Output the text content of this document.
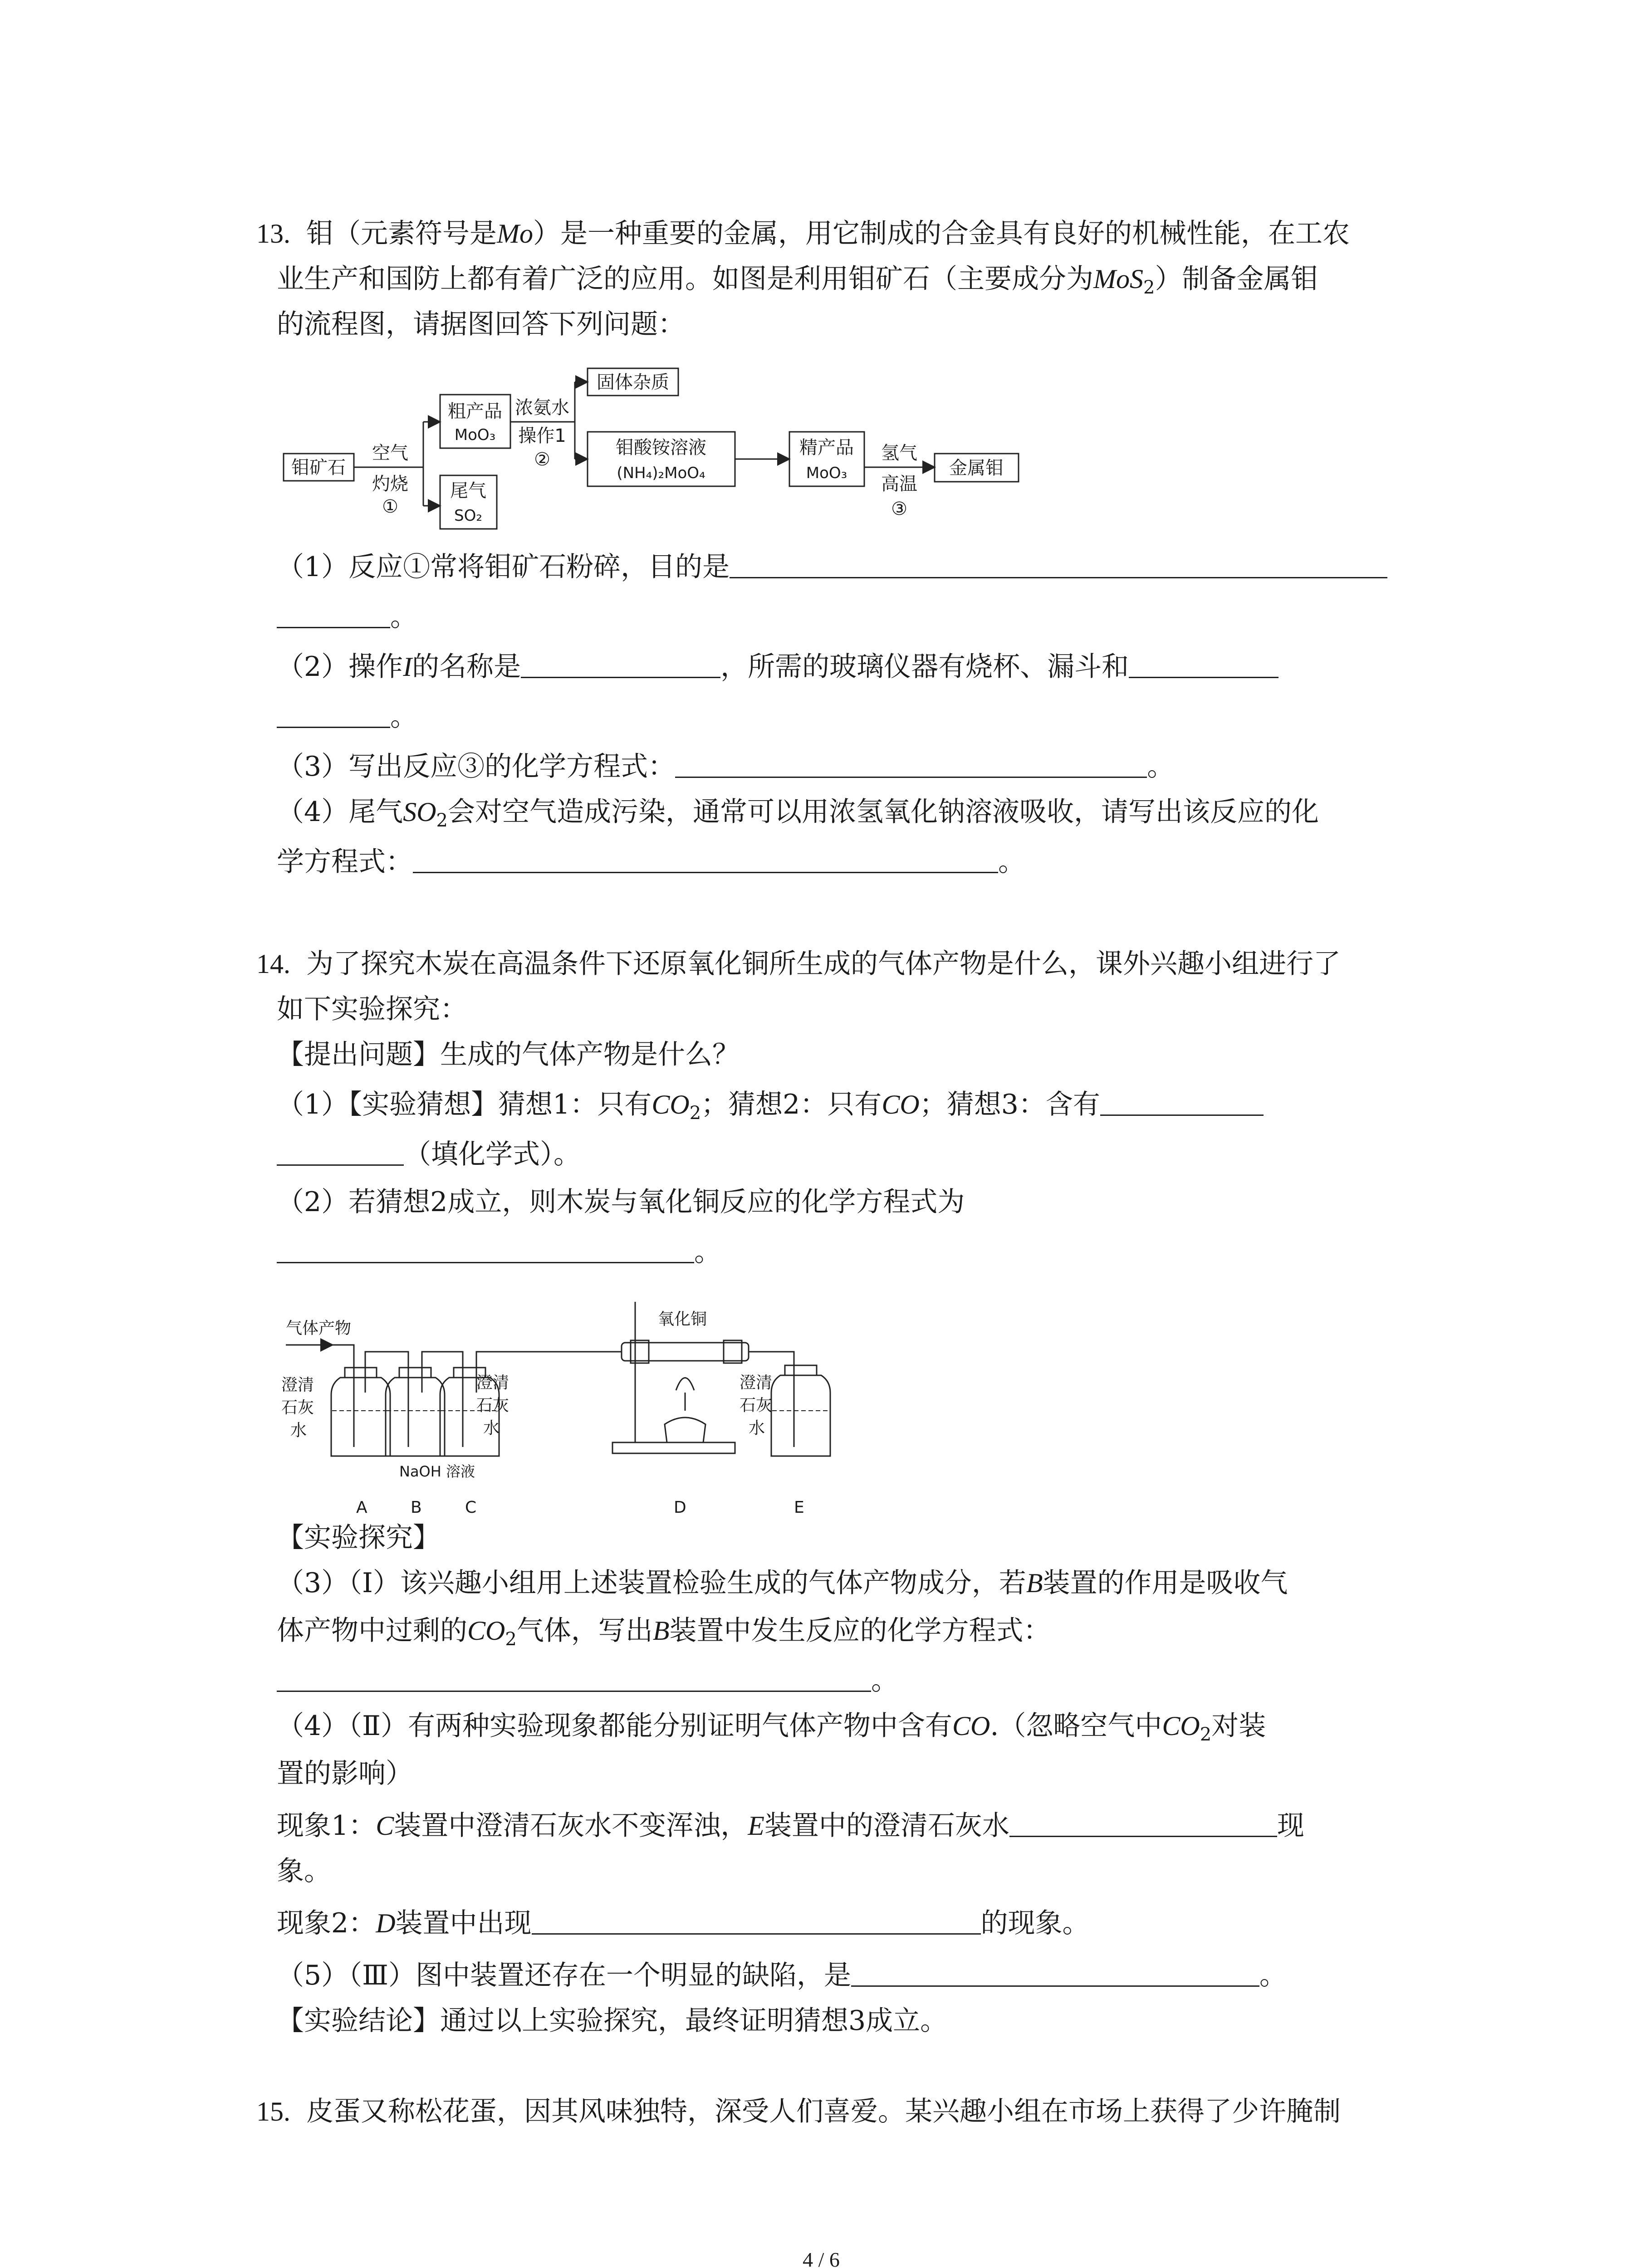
13. 钼（元素符号是Mo）是一种重要的金属，用它制成的合金具有良好的机械性能，在工农
业生产和国防上都有着广泛的应用。如图是利用钼矿石（主要成分为MoS$_2$）制备金属钼
的流程图，请据图回答下列问题：
钼矿石
空气
灼烧
①
粗产品
MoO₃
尾气
SO₂
浓氨水
操作1
②
固体杂质
钼酸铵溶液
(NH₄)₂MoO₄
精产品
MoO₃
氢气
高温
③
金属钼
（1）反应①常将钼矿石粉碎，目的是
。
（2）操作I的名称是	，所需的玻璃仪器有烧杯、漏斗和
。
（3）写出反应③的化学方程式：	。
（4）尾气$SO_2$会对空气造成污染，通常可以用浓氢氧化钠溶液吸收，请写出该反应的化
学方程式：	。
14. 为了探究木炭在高温条件下还原氧化铜所生成的气体产物是什么，课外兴趣小组进行了
如下实验探究：
【提出问题】生成的气体产物是什么？
（1）【实验猜想】猜想1：只有$CO_2$；猜想2：只有CO；猜想3：含有
（填化学式）。
（2）若猜想2成立，则木炭与氧化铜反应的化学方程式为
。
气体产物
澄清
石灰
水
澄清
石灰
水
NaOH 溶液
氧化铜
澄清
石灰
水
A	B	C	D	E
【实验探究】
（3）（Ⅰ）该兴趣小组用上述装置检验生成的气体产物成分，若B装置的作用是吸收气
体产物中过剩的$CO_2$气体，写出B装置中发生反应的化学方程式：
。
（4）（Ⅱ）有两种实验现象都能分别证明气体产物中含有CO.（忽略空气中$CO_2$对装
置的影响）
现象1：C装置中澄清石灰水不变浑浊，E装置中的澄清石灰水	现
象。
现象2：D装置中出现	的现象。
（5）（Ⅲ）图中装置还存在一个明显的缺陷，是	。
【实验结论】通过以上实验探究，最终证明猜想3成立。
15. 皮蛋又称松花蛋，因其风味独特，深受人们喜爱。某兴趣小组在市场上获得了少许腌制
4 / 6
